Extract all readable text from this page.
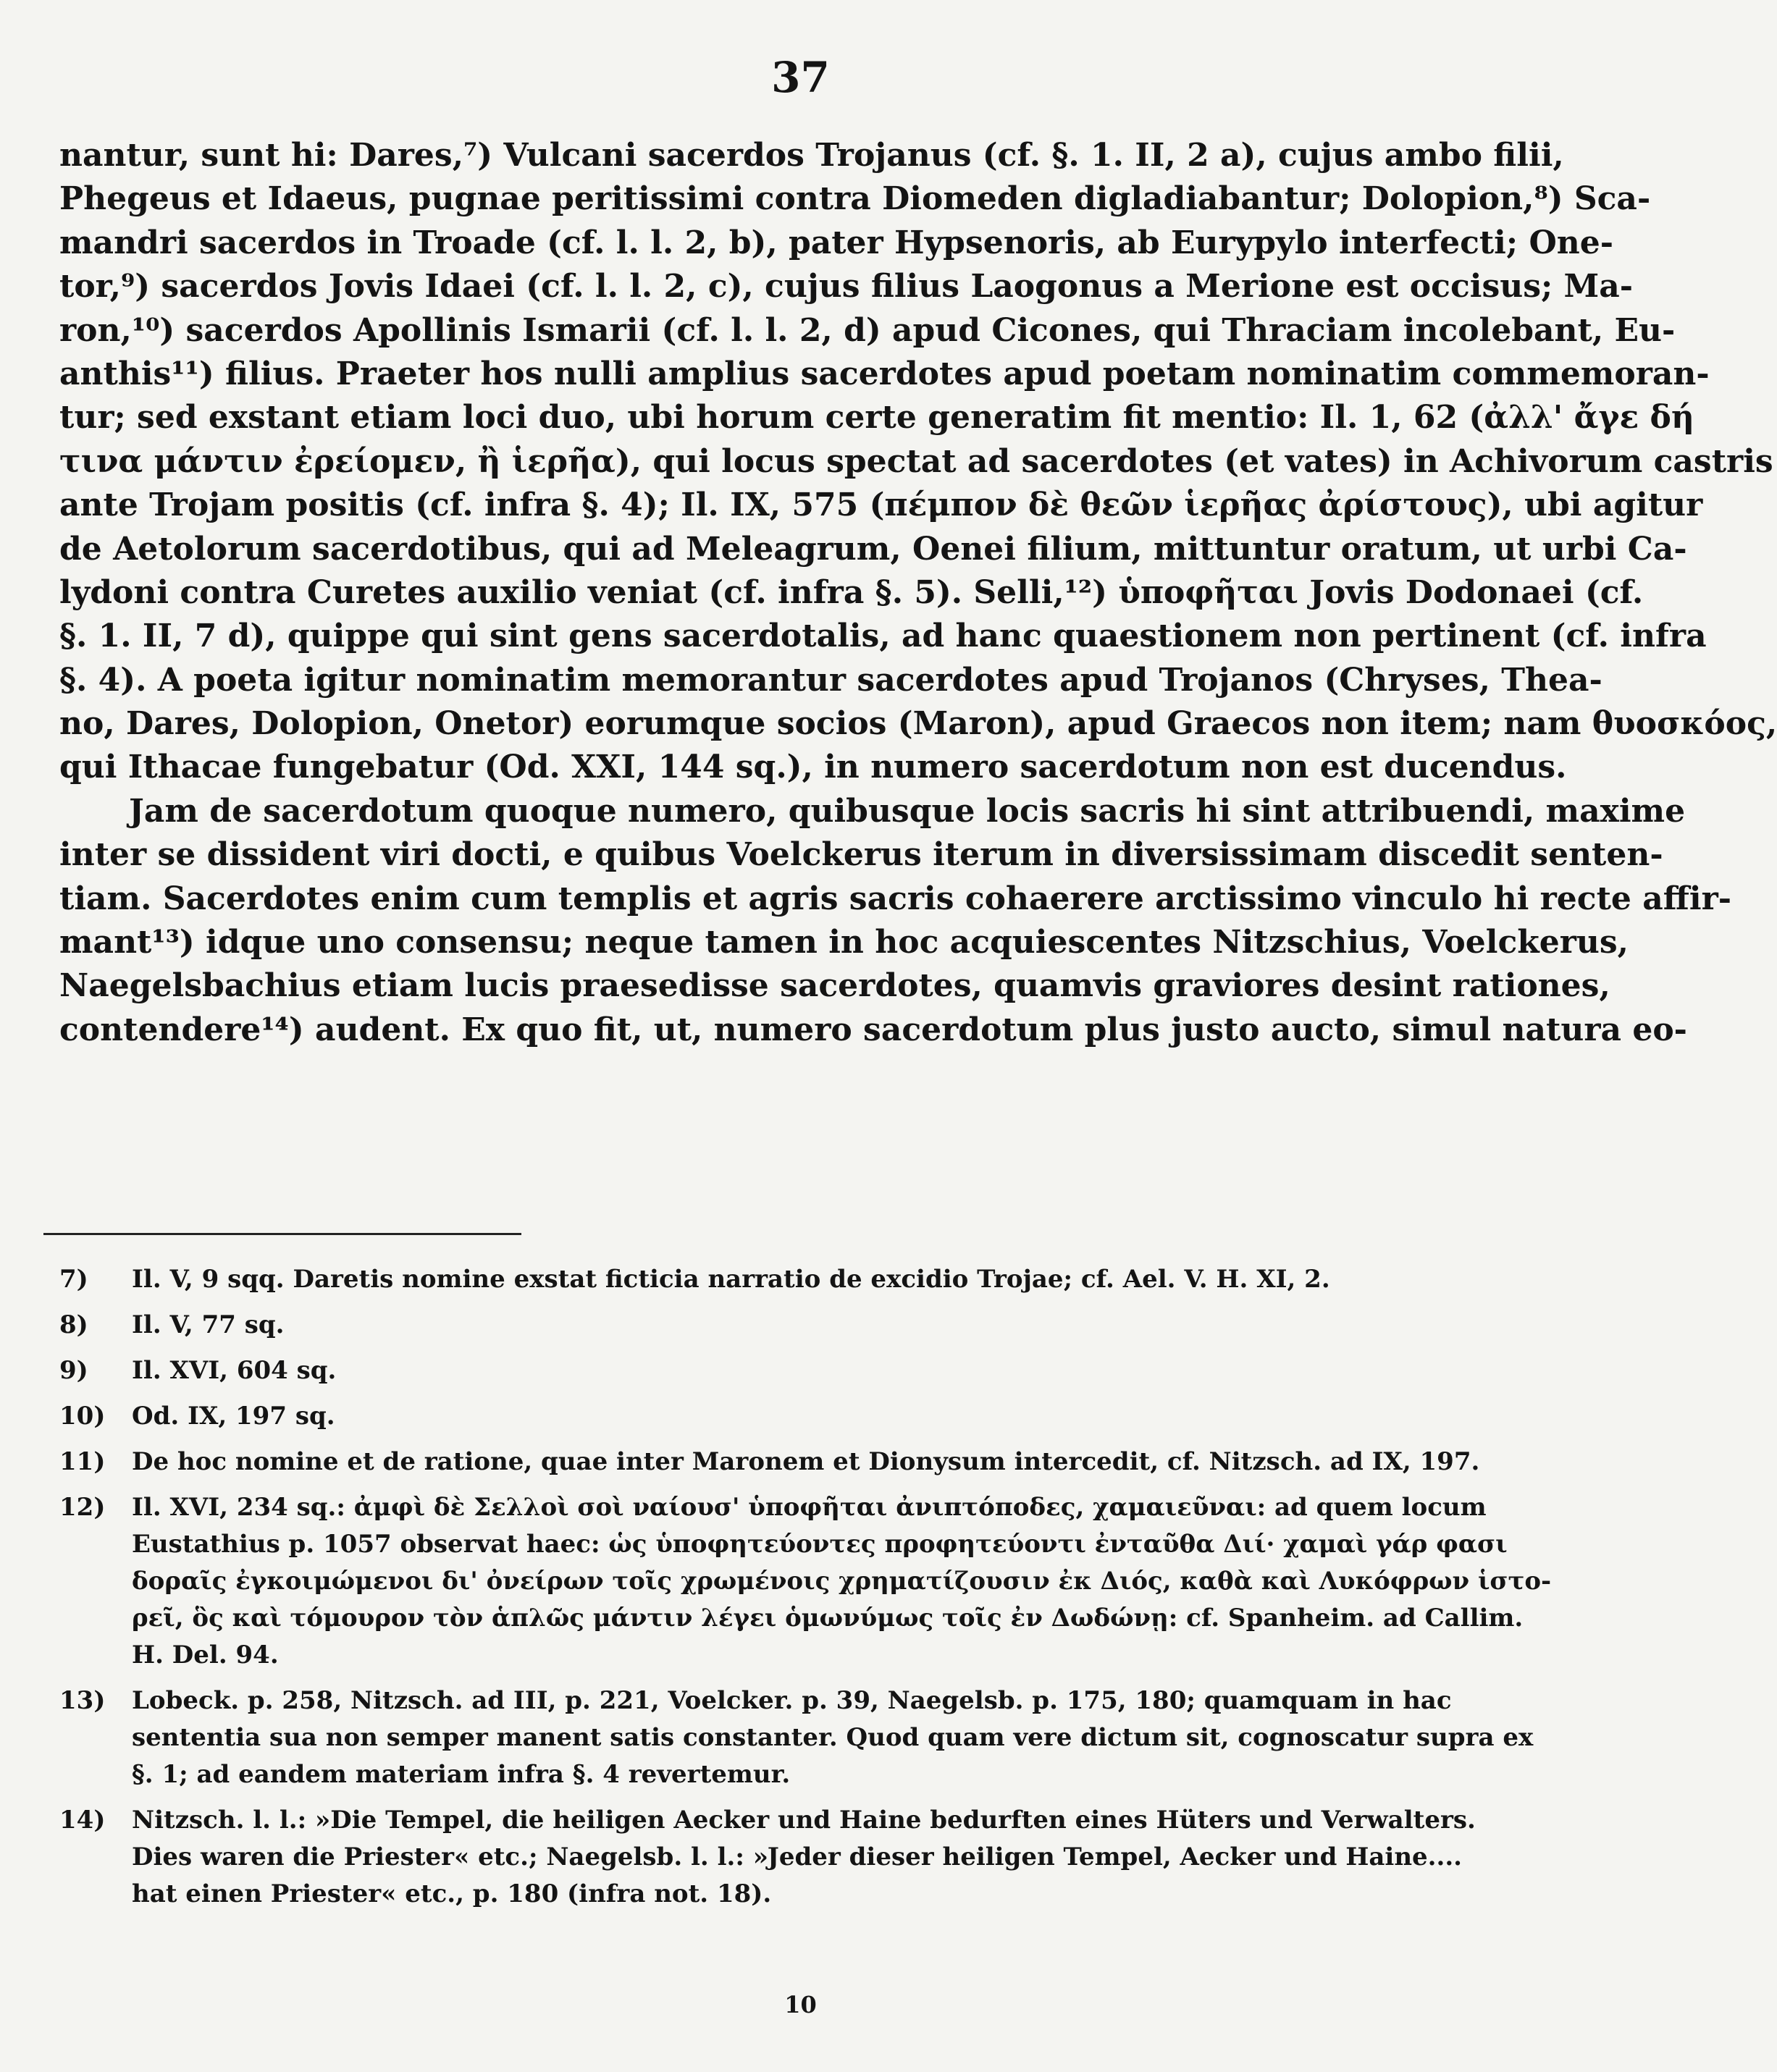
37
nantur, sunt hi: Dares,⁷) Vulcani sacerdos Trojanus (cf. §. 1. II, 2 a), cujus ambo filii,
Phegeus et Idaeus, pugnae peritissimi contra Diomeden digladiabantur; Dolopion,⁸) Sca-
mandri sacerdos in Troade (cf. l. l. 2, b), pater Hypsenoris, ab Eurypylo interfecti; One-
tor,⁹) sacerdos Jovis Idaei (cf. l. l. 2, c), cujus filius Laogonus a Merione est occisus; Ma-
ron,¹⁰) sacerdos Apollinis Ismarii (cf. l. l. 2, d) apud Cicones, qui Thraciam incolebant, Eu-
anthis¹¹) filius. Praeter hos nulli amplius sacerdotes apud poetam nominatim commemoran-
tur; sed exstant etiam loci duo, ubi horum certe generatim fit mentio: Il. 1, 62 (ἀλλ' ἄγε δή
τινα μάντιν ἐρείομεν, ἢ ἱερῆα), qui locus spectat ad sacerdotes (et vates) in Achivorum castris
ante Trojam positis (cf. infra §. 4); Il. IX, 575 (πέμπον δὲ θεῶν ἱερῆας ἀρίστους), ubi agitur
de Aetolorum sacerdotibus, qui ad Meleagrum, Oenei filium, mittuntur oratum, ut urbi Ca-
lydoni contra Curetes auxilio veniat (cf. infra §. 5). Selli,¹²) ὑποφῆται Jovis Dodonaei (cf.
§. 1. II, 7 d), quippe qui sint gens sacerdotalis, ad hanc quaestionem non pertinent (cf. infra
§. 4). A poeta igitur nominatim memorantur sacerdotes apud Trojanos (Chryses, Thea-
no, Dares, Dolopion, Onetor) eorumque socios (Maron), apud Graecos non item; nam θυοσκόος,
qui Ithacae fungebatur (Od. XXI, 144 sq.), in numero sacerdotum non est ducendus.
Jam de sacerdotum quoque numero, quibusque locis sacris hi sint attribuendi, maxime
inter se dissident viri docti, e quibus Voelckerus iterum in diversissimam discedit senten-
tiam. Sacerdotes enim cum templis et agris sacris cohaerere arctissimo vinculo hi recte affir-
mant¹³) idque uno consensu; neque tamen in hoc acquiescentes Nitzschius, Voelckerus,
Naegelsbachius etiam lucis praesedisse sacerdotes, quamvis graviores desint rationes,
contendere¹⁴) audent. Ex quo fit, ut, numero sacerdotum plus justo aucto, simul natura eo-
7) Il. V, 9 sqq. Daretis nomine exstat ficticia narratio de excidio Trojae; cf. Ael. V. H. XI, 2.
8) Il. V, 77 sq.
9) Il. XVI, 604 sq.
10) Od. IX, 197 sq.
11) De hoc nomine et de ratione, quae inter Maronem et Dionysum intercedit, cf. Nitzsch. ad IX, 197.
12) Il. XVI, 234 sq.: ἀμφὶ δὲ Σελλοὶ σοὶ ναίουσ' ὑποφῆται ἀνιπτόποδες, χαμαιεῦναι: ad quem locum
Eustathius p. 1057 observat haec: ὡς ὑποφητεύοντες προφητεύοντι ἐνταῦθα Διί· χαμαὶ γάρ φασι
δοραῖς ἐγκοιμώμενοι δι' ὀνείρων τοῖς χρωμένοις χρηματίζουσιν ἐκ Διός, καθὰ καὶ Λυκόφρων ἱστο-
ρεῖ, ὃς καὶ τόμουρον τὸν ἁπλῶς μάντιν λέγει ὁμωνύμως τοῖς ἐν Δωδώνῃ: cf. Spanheim. ad Callim.
H. Del. 94.
13) Lobeck. p. 258, Nitzsch. ad III, p. 221, Voelcker. p. 39, Naegelsb. p. 175, 180; quamquam in hac
sententia sua non semper manent satis constanter. Quod quam vere dictum sit, cognoscatur supra ex
§. 1; ad eandem materiam infra §. 4 revertemur.
14) Nitzsch. l. l.: »Die Tempel, die heiligen Aecker und Haine bedurften eines Hüters und Verwalters.
Dies waren die Priester« etc.; Naegelsb. l. l.: »Jeder dieser heiligen Tempel, Aecker und Haine....
hat einen Priester« etc., p. 180 (infra not. 18).
10
